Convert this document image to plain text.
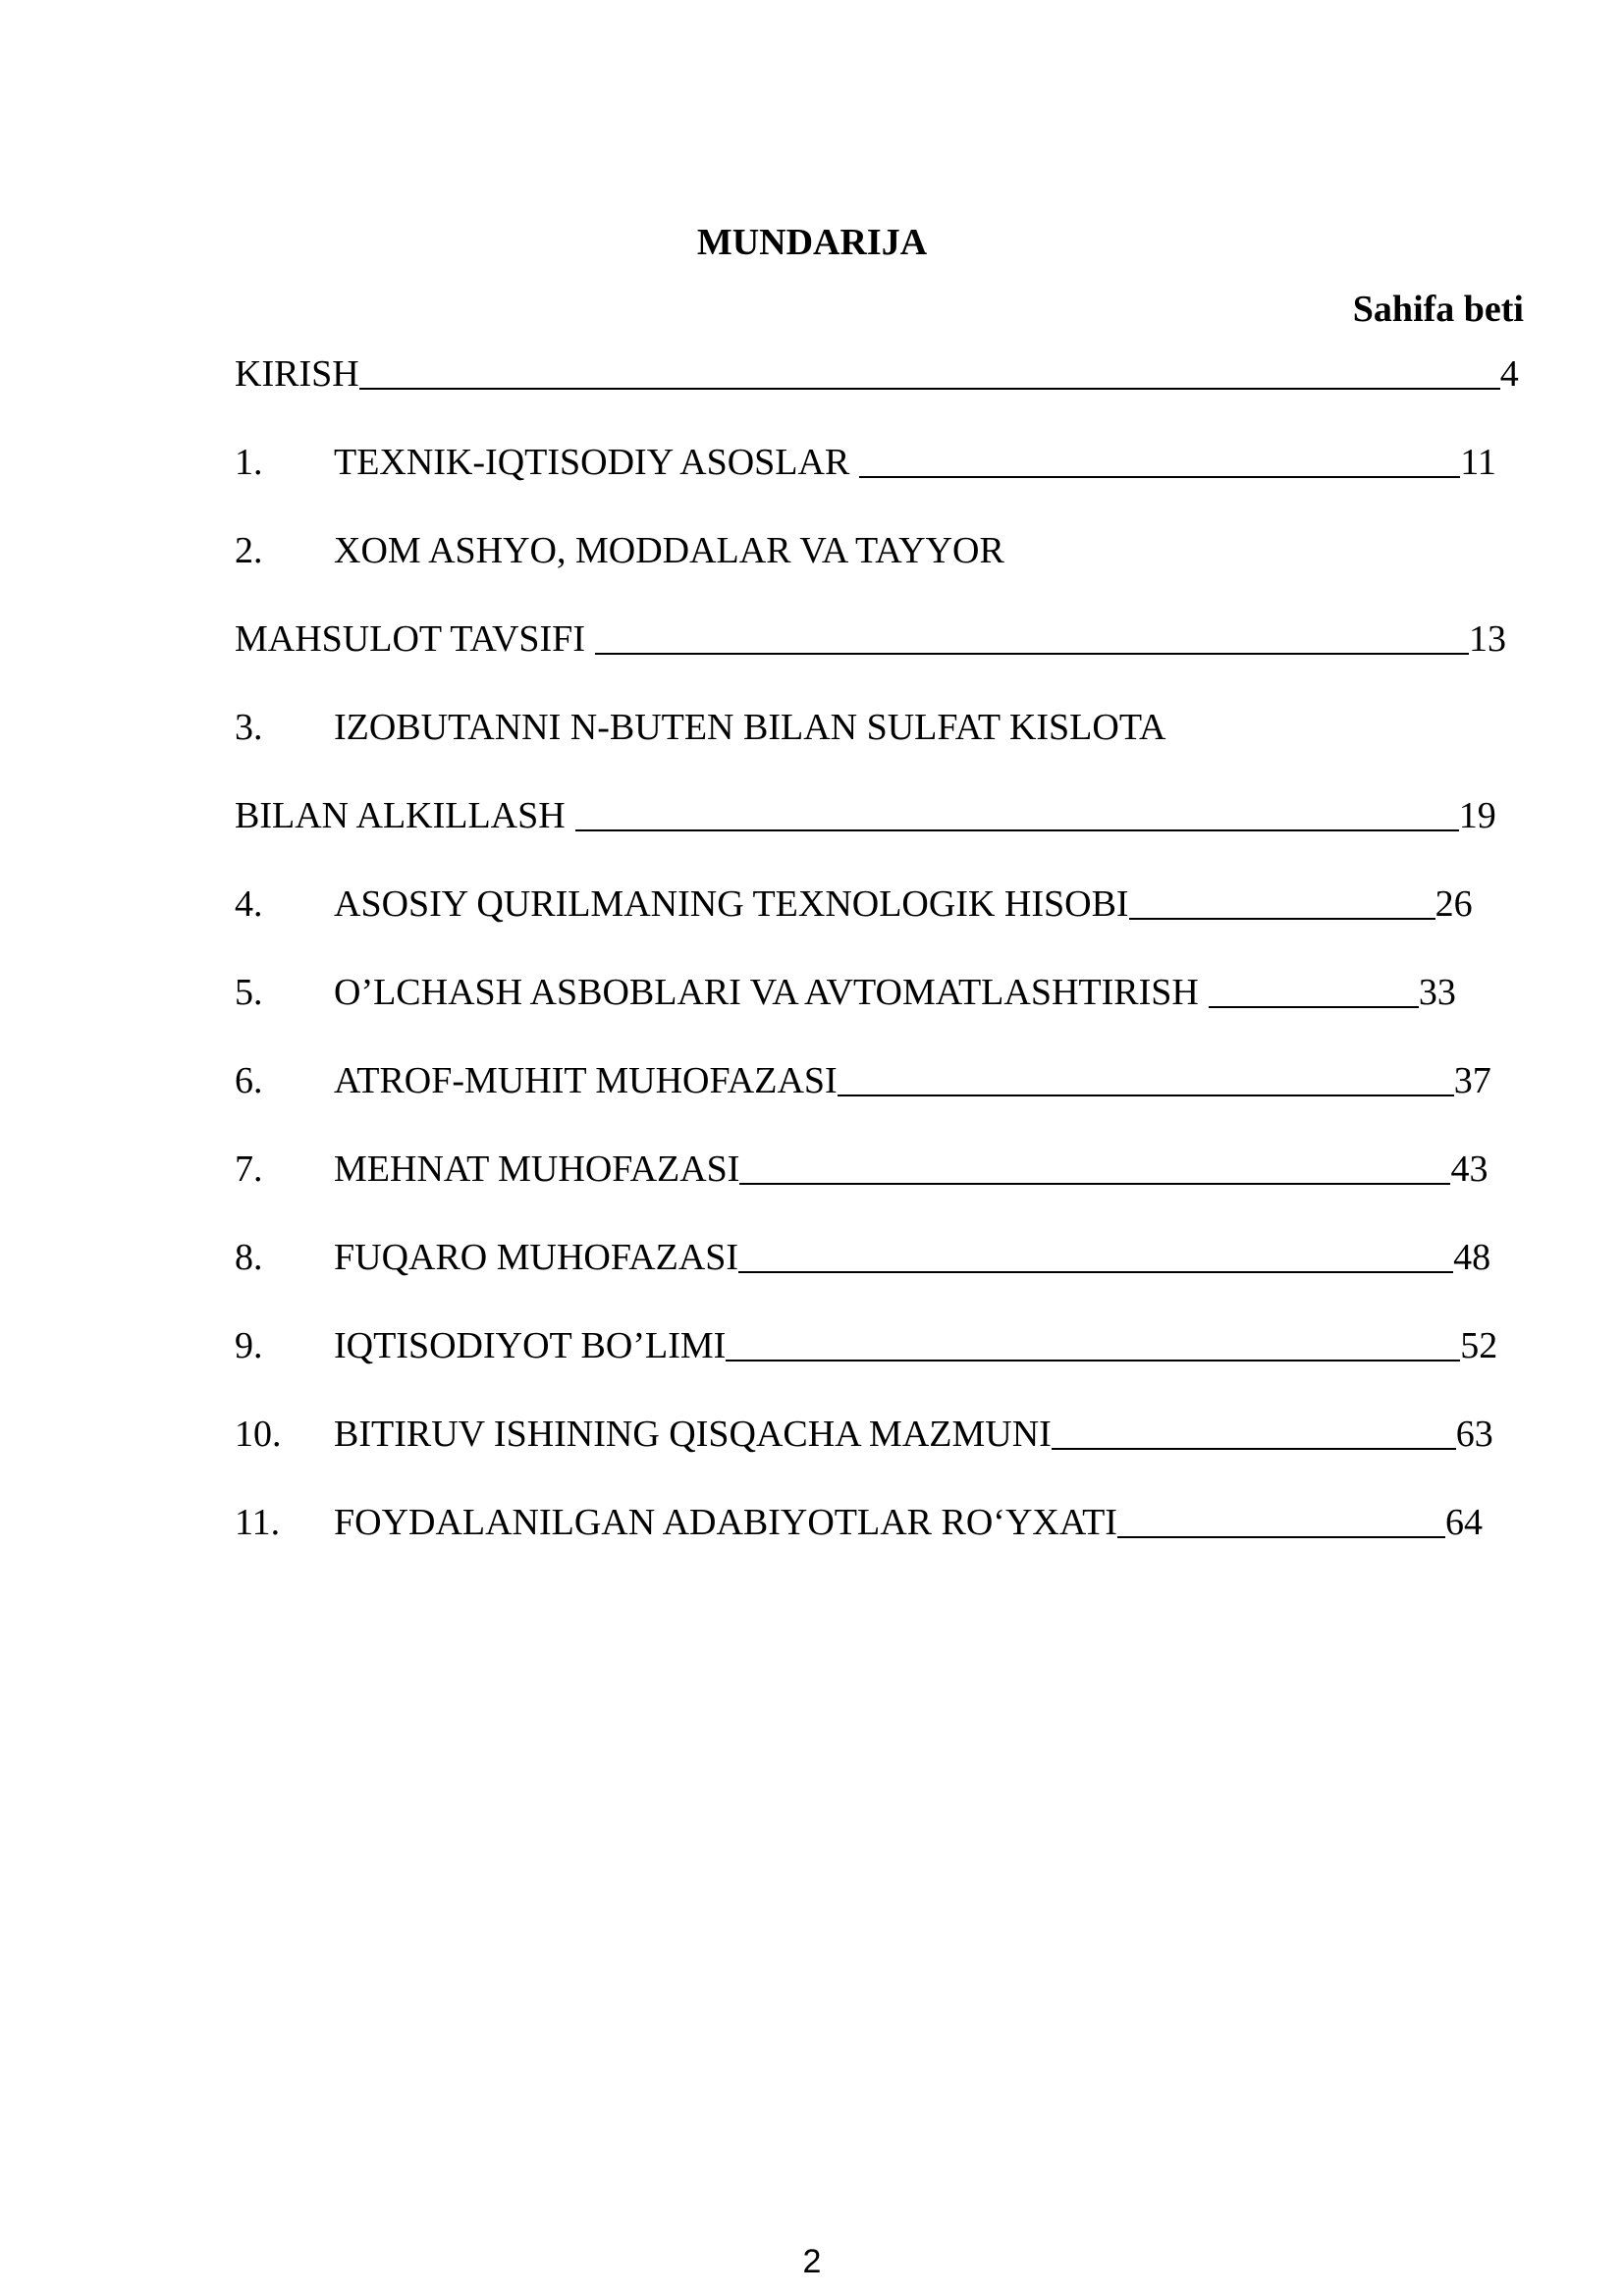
MUNDARIJA
Sahifa beti
KIRISH	4
1.	TEXNIK-IQTISODIY ASOSLAR	11
2.	XOM ASHYO, MODDALAR VA TAYYOR
MAHSULOT TAVSIFI	13
3.	IZOBUTANNI N-BUTEN BILAN SULFAT KISLOTA
BILAN ALKILLASH	19
4.	ASOSIY QURILMANING TEXNOLOGIK HISOBI	26
5.	O’LCHASH ASBOBLARI VA AVTOMATLASHTIRISH	33
6.	ATROF-MUHIT MUHOFAZASI	37
7.	MEHNAT MUHOFAZASI	43
8.	FUQARO MUHOFAZASI	48
9.	IQTISODIYOT BO’LIMI	52
10.	BITIRUV ISHINING QISQACHA MAZMUNI	63
11.	FOYDALANILGAN ADABIYOTLAR RO‘YXATI	64
2
